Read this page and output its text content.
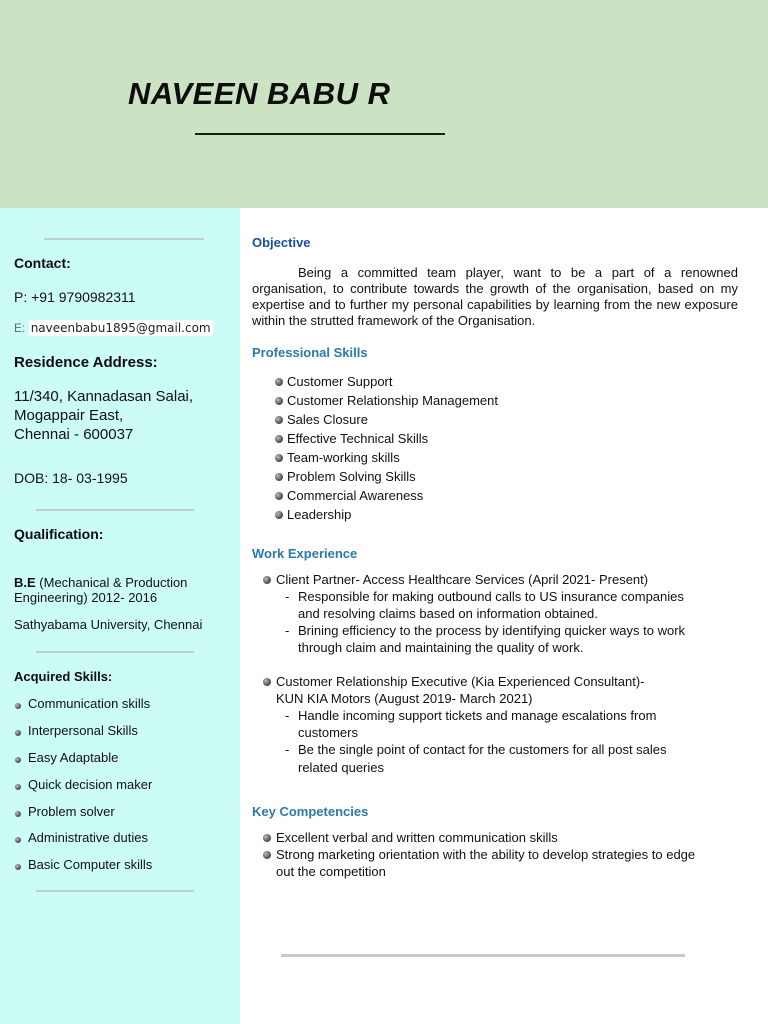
NAVEEN BABU R
Contact:
P: +91 9790982311
E: naveenbabu1895@gmail.com
Residence Address:
11/340, Kannadasan Salai,
Mogappair East,
Chennai - 600037
DOB: 18- 03-1995
Qualification:
B.E (Mechanical & Production
Engineering) 2012- 2016
Sathyabama University, Chennai
Acquired Skills:
Communication skills
Interpersonal Skills
Easy Adaptable
Quick decision maker
Problem solver
Administrative duties
Basic Computer skills
Objective
Being a committed team player, want to be a part of a renowned organisation, to contribute towards the growth of the organisation, based on my expertise and to further my personal capabilities by learning from the new exposure within the strutted framework of the Organisation.
Professional Skills
Customer Support
Customer Relationship Management
Sales Closure
Effective Technical Skills
Team-working skills
Problem Solving Skills
Commercial Awareness
Leadership
Work Experience
Client Partner- Access Healthcare Services (April 2021- Present)
- Responsible for making outbound calls to US insurance companies
and resolving claims based on information obtained.
- Brining efficiency to the process by identifying quicker ways to work
through claim and maintaining the quality of work.
Customer Relationship Executive (Kia Experienced Consultant)-
KUN KIA Motors (August 2019- March 2021)
- Handle incoming support tickets and manage escalations from
customers
- Be the single point of contact for the customers for all post sales
related queries
Key Competencies
Excellent verbal and written communication skills
Strong marketing orientation with the ability to develop strategies to edge
out the competition
